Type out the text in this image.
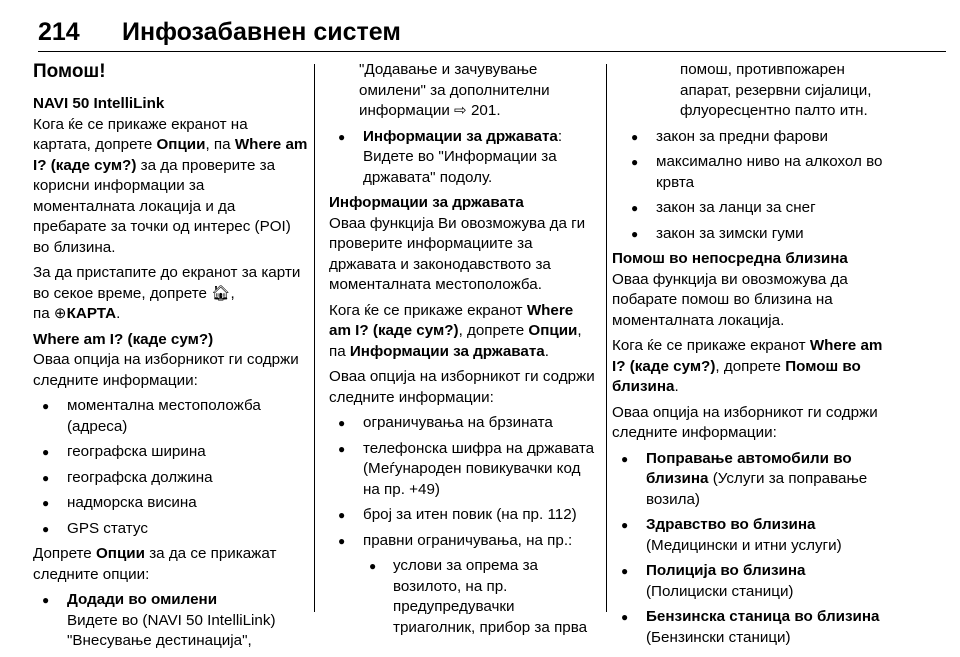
214 Инфозабавнен систем
Помош!
NAVI 50 IntelliLink
Кога ќе се прикаже екранот на картата, допрете Опции, па Where am I? (каде сум?) за да проверите за корисни информации за моменталната локација и да пребарате за точки од интерес (POI) во близина.
За да пристапите до екранот за карти во секое време, допрете 🏠︎,
па ⊕КАРТА.
Where am I? (каде сум?)
Оваа опција на изборникот ги содржи следните информации:
● моментална местоположба (адреса)
● географска ширина
● географска должина
● надморска висина
● GPS статус
Допрете Опции за да се прикажат следните опции:
● Додади во омилени
Видете во (NAVI 50 IntelliLink) "Внесување дестинација",
"Додавање и зачувување омилени" за дополнителни информации ⇨ 201.
● Информации за државата:
Видете во "Информации за државата" подолу.
Информации за државата
Оваа функција Ви овозможува да ги проверите информациите за државата и законодавството за моменталната местоположба.
Кога ќе се прикаже екранот Where am I? (каде сум?), допрете Опции,
па Информации за државата.
Оваа опција на изборникот ги содржи следните информации:
● ограничувања на брзината
● телефонска шифра на државата (Меѓународен повикувачки код на пр. +49)
● број за итен повик (на пр. 112)
● правни ограничувања, на пр.:
● услови за опрема за возилото, на пр. предупредувачки триаголник, прибор за прва
помош, противпожарен апарат, резервни сијалици, флуоресцентно палто итн.
● закон за предни фарови
● максимално ниво на алкохол во крвта
● закон за ланци за снег
● закон за зимски гуми
Помош во непосредна близина
Оваа функција ви овозможува да побарате помош во близина на моменталната локација.
Кога ќе се прикаже екранот Where am I? (каде сум?), допрете Помош во близина.
Оваа опција на изборникот ги содржи следните информации:
● Поправање автомобили во близина (Услуги за поправање возила)
● Здравство во близина
(Медицински и итни услуги)
● Полиција во близина
(Полициски станици)
● Бензинска станица во близина
(Бензински станици)
